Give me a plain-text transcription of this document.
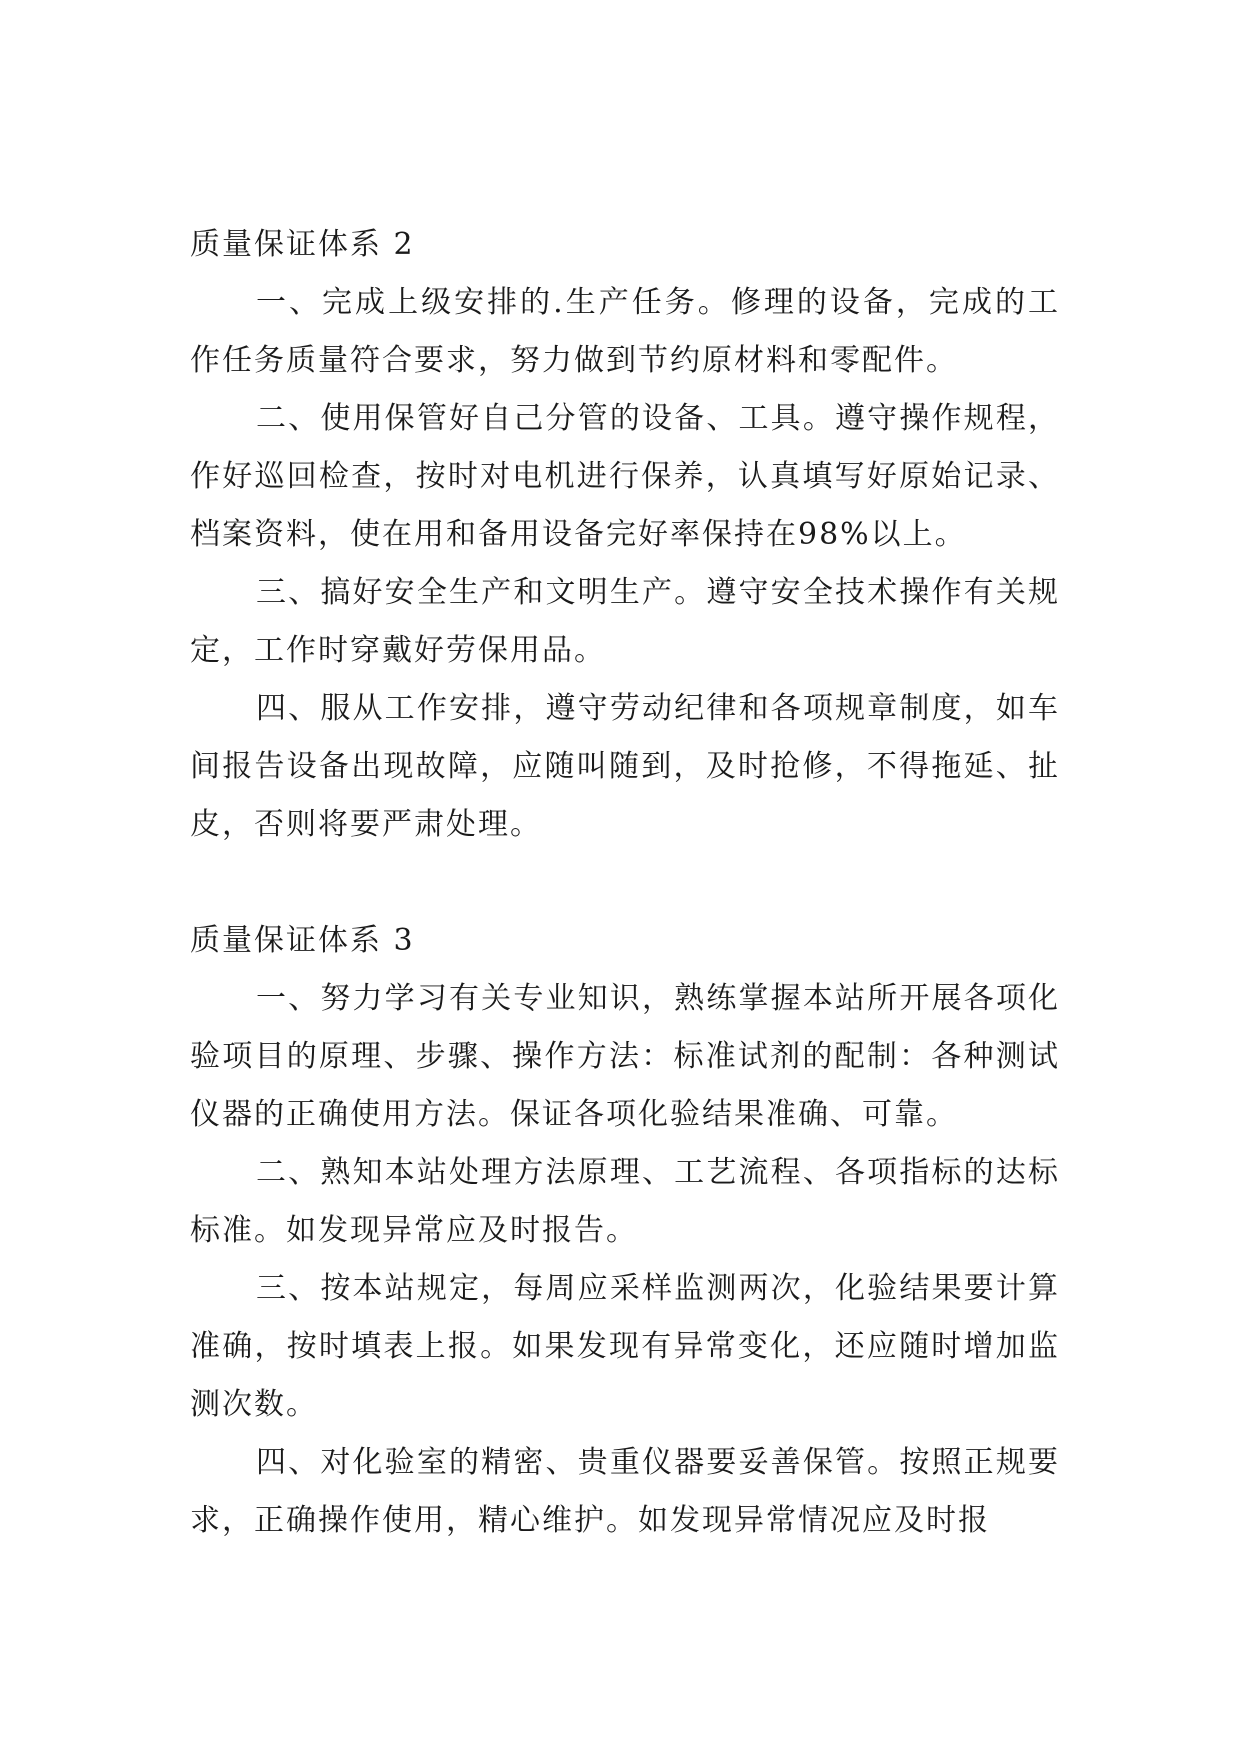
质量保证体系 2

一、完成上级安排的.生产任务。修理的设备，完成的工作任务质量符合要求，努力做到节约原材料和零配件。

二、使用保管好自己分管的设备、工具。遵守操作规程，作好巡回检查，按时对电机进行保养，认真填写好原始记录、档案资料，使在用和备用设备完好率保持在98%以上。

三、搞好安全生产和文明生产。遵守安全技术操作有关规定，工作时穿戴好劳保用品。

四、服从工作安排，遵守劳动纪律和各项规章制度，如车间报告设备出现故障，应随叫随到，及时抢修，不得拖延、扯皮，否则将要严肃处理。

质量保证体系 3

一、努力学习有关专业知识，熟练掌握本站所开展各项化验项目的原理、步骤、操作方法：标准试剂的配制：各种测试仪器的正确使用方法。保证各项化验结果准确、可靠。

二、熟知本站处理方法原理、工艺流程、各项指标的达标标准。如发现异常应及时报告。

三、按本站规定，每周应采样监测两次，化验结果要计算准确，按时填表上报。如果发现有异常变化，还应随时增加监测次数。

四、对化验室的精密、贵重仪器要妥善保管。按照正规要求，正确操作使用，精心维护。如发现异常情况应及时报
